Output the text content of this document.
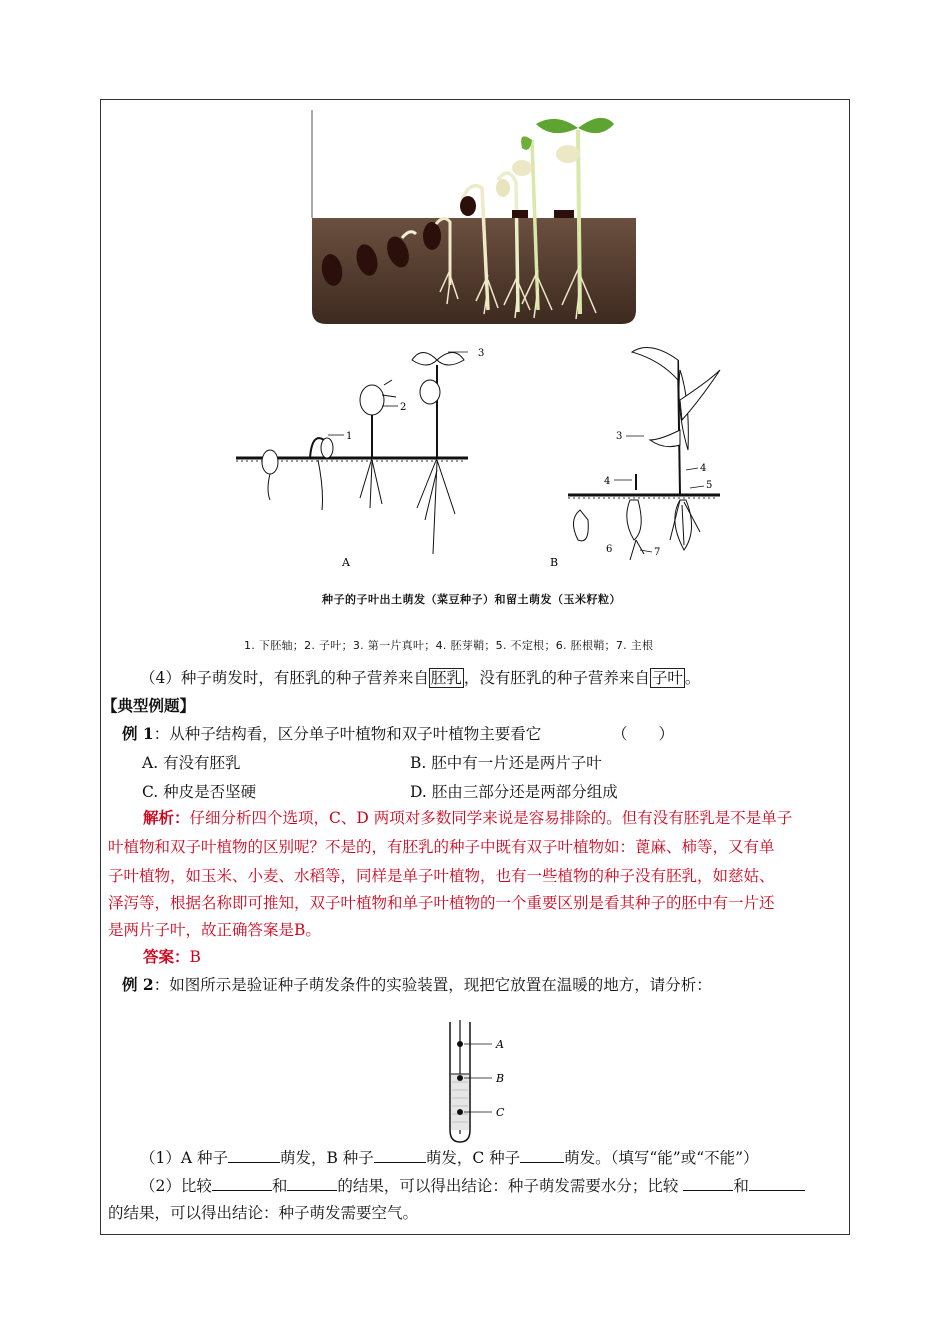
1
2
3
A
3
4
4	5
6	7
B
种子的子叶出土萌发（菜豆种子）和留土萌发（玉米籽粒）
1. 下胚轴；2. 子叶；3. 第一片真叶；4. 胚芽鞘；5. 不定根；6. 胚根鞘；7. 主根
（4）种子萌发时，有胚乳的种子营养来自 胚乳 ，没有胚乳的种子营养来自 子叶 。
【典型例题】
例 1：从种子结构看，区分单子叶植物和双子叶植物主要看它	（　　）
A. 有没有胚乳	B. 胚中有一片还是两片子叶
C. 种皮是否坚硬	D. 胚由三部分还是两部分组成
解析：仔细分析四个选项，C、D 两项对多数同学来说是容易排除的。但有没有胚乳是不是单子
叶植物和双子叶植物的区别呢？不是的，有胚乳的种子中既有双子叶植物如：蓖麻、柿等，又有单
子叶植物，如玉米、小麦、水稻等，同样是单子叶植物，也有一些植物的种子没有胚乳，如慈姑、
泽泻等，根据名称即可推知，双子叶植物和单子叶植物的一个重要区别是看其种子的胚中有一片还
是两片子叶，故正确答案是B。
答案：B
例 2：如图所示是验证种子萌发条件的实验装置，现把它放置在温暖的地方，请分析：
A
B
C
（1）A 种子	萌发，B 种子	萌发，C 种子	萌发。（填写“能”或“不能”）
（2）比较	和	的结果，可以得出结论：种子萌发需要水分；比较	和
的结果，可以得出结论：种子萌发需要空气。
